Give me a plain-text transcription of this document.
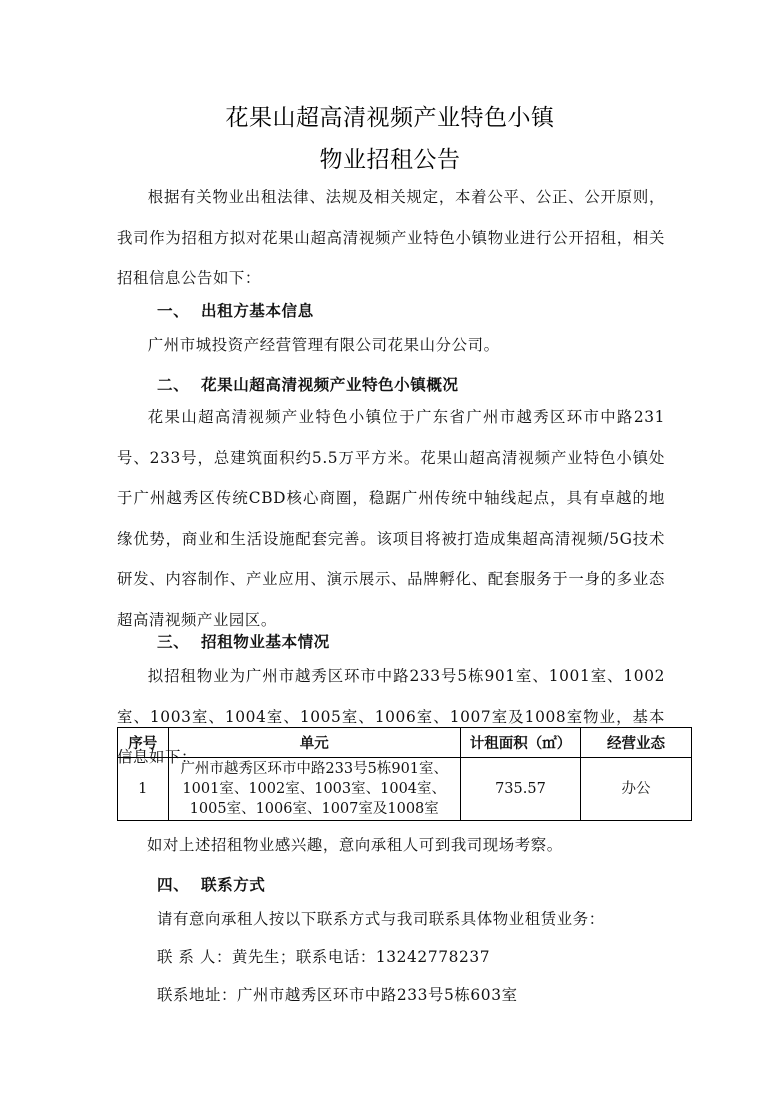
花果山超高清视频产业特色小镇
物业招租公告
根据有关物业出租法律、法规及相关规定，本着公平、公正、公开原则，我司作为招租方拟对花果山超高清视频产业特色小镇物业进行公开招租，相关招租信息公告如下：
一、 出租方基本信息
广州市城投资产经营管理有限公司花果山分公司。
二、 花果山超高清视频产业特色小镇概况
花果山超高清视频产业特色小镇位于广东省广州市越秀区环市中路231号、233号，总建筑面积约5.5万平方米。花果山超高清视频产业特色小镇处于广州越秀区传统CBD核心商圈，稳踞广州传统中轴线起点，具有卓越的地缘优势，商业和生活设施配套完善。该项目将被打造成集超高清视频/5G技术研发、内容制作、产业应用、演示展示、品牌孵化、配套服务于一身的多业态超高清视频产业园区。
三、 招租物业基本情况
拟招租物业为广州市越秀区环市中路233号5栋901室、1001室、1002室、1003室、1004室、1005室、1006室、1007室及1008室物业，基本信息如下：
序号	单元	计租面积（㎡）	经营业态
1	广州市越秀区环市中路233号5栋901室、1001室、1002室、1003室、1004室、1005室、1006室、1007室及1008室	735.57	办公
如对上述招租物业感兴趣，意向承租人可到我司现场考察。
四、 联系方式
请有意向承租人按以下联系方式与我司联系具体物业租赁业务：
联 系 人：黄先生；联系电话：13242778237
联系地址：广州市越秀区环市中路233号5栋603室
